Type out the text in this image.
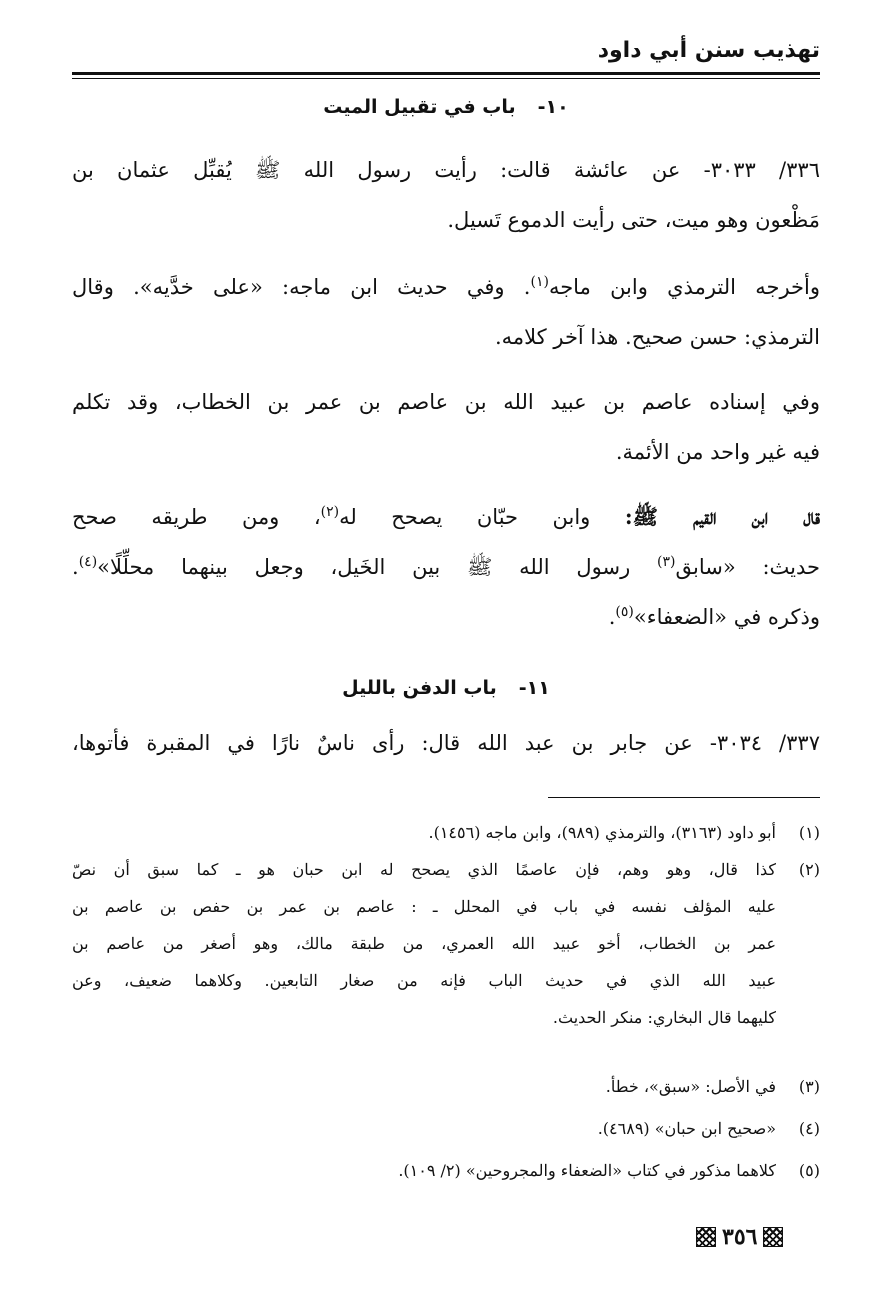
تهذيب سنن أبي داود
١٠-باب في تقبيل الميت
٣٣٦/ ٣٠٣٣- عن عائشة قالت: رأيت رسول الله ﷺ يُقبِّل عثمان بن
مَظْعون وهو ميت، حتى رأيت الدموع تَسيل.
وأخرجه الترمذي وابن ماجه$^{(١)}$. وفي حديث ابن ماجه: «على خدَّيه». وقال
الترمذي: حسن صحيح. هذا آخر كلامه.
وفي إسناده عاصم بن عبيد الله بن عاصم بن عمر بن الخطاب، وقد تكلم
فيه غير واحد من الأئمة.
قال ابن القيم ﷺ: وابن حبّان يصحح له$^{(٢)}$، ومن طريقه صحح
حديث: «سابق$^{(٣)}$ رسول الله ﷺ بين الخَيل، وجعل بينهما محلِّلًا»$^{(٤)}$.
وذكره في «الضعفاء»$^{(٥)}$.
١١-باب الدفن بالليل
٣٣٧/ ٣٠٣٤- عن جابر بن عبد الله قال: رأى ناسٌ نارًا في المقبرة فأتوها،
(١)
أبو داود (٣١٦٣)، والترمذي (٩٨٩)، وابن ماجه (١٤٥٦).
(٢)
كذا قال، وهو وهم، فإن عاصمًا الذي يصحح له ابن حبان هو ـ كما سبق أن نصّ
عليه المؤلف نفسه في باب في المحلل ـ : عاصم بن عمر بن حفص بن عاصم بن
عمر بن الخطاب، أخو عبيد الله العمري، من طبقة مالك، وهو أصغر من عاصم بن
عبيد الله الذي في حديث الباب فإنه من صغار التابعين. وكلاهما ضعيف، وعن
كليهما قال البخاري: منكر الحديث.
(٣)
في الأصل: «سبق»، خطأ.
(٤)
«صحيح ابن حبان» (٤٦٨٩).
(٥)
كلاهما مذكور في كتاب «الضعفاء والمجروحين» (٢/ ١٠٩).
٣٥٦
